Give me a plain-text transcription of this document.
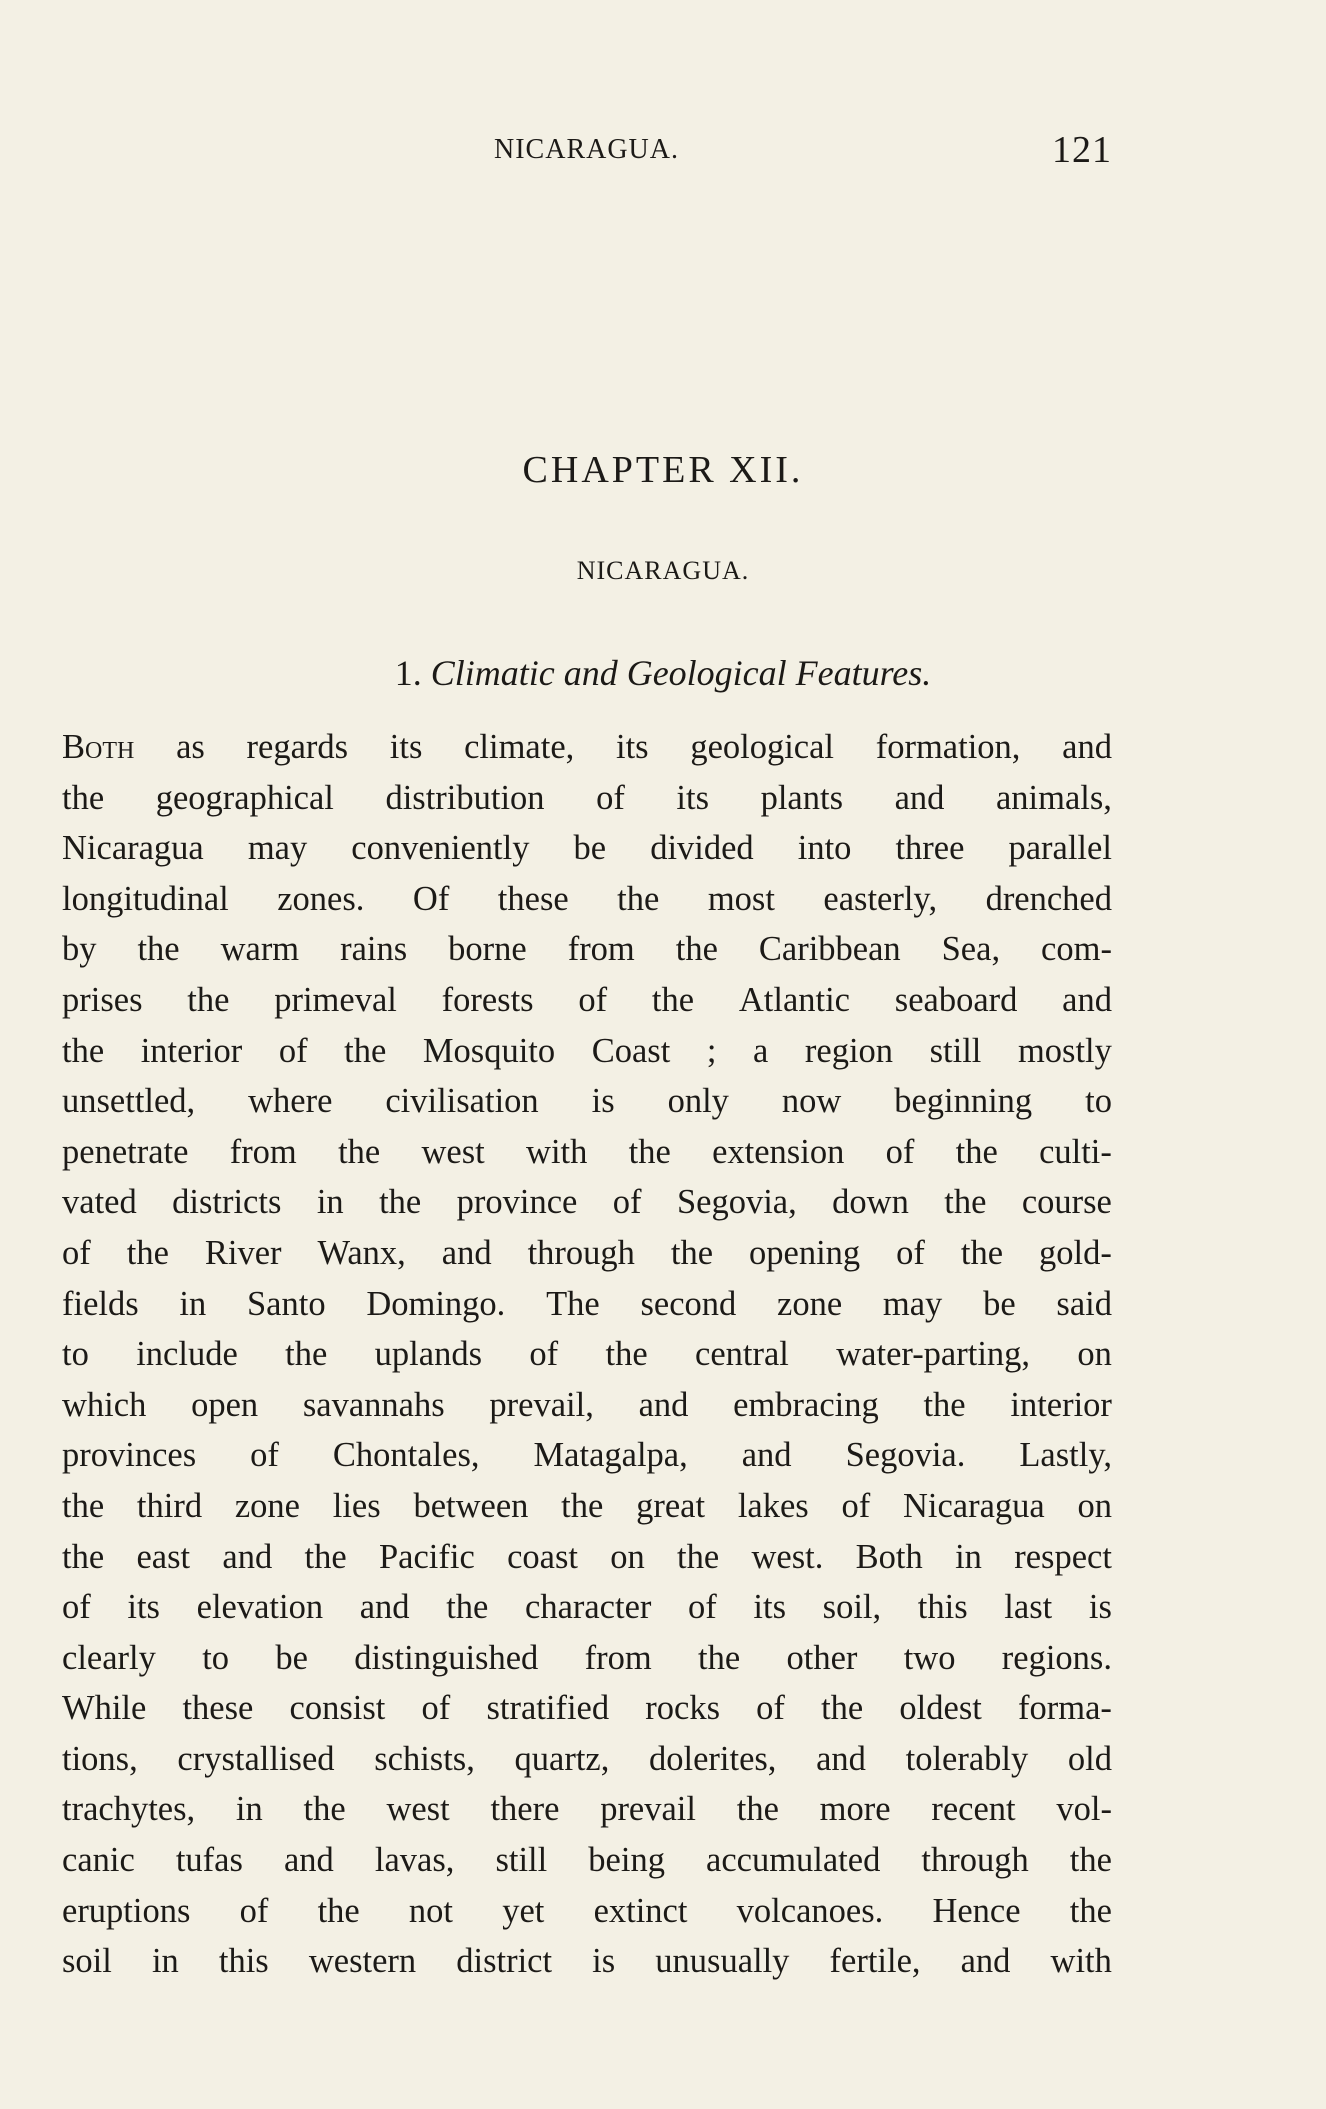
NICARAGUA.	121
CHAPTER XII.
NICARAGUA.
1. Climatic and Geological Features.
Both as regards its climate, its geological formation, and
the geographical distribution of its plants and animals,
Nicaragua may conveniently be divided into three parallel
longitudinal zones. Of these the most easterly, drenched
by the warm rains borne from the Caribbean Sea, com-
prises the primeval forests of the Atlantic seaboard and
the interior of the Mosquito Coast ; a region still mostly
unsettled, where civilisation is only now beginning to
penetrate from the west with the extension of the culti-
vated districts in the province of Segovia, down the course
of the River Wanx, and through the opening of the gold-
fields in Santo Domingo. The second zone may be said
to include the uplands of the central water-parting, on
which open savannahs prevail, and embracing the interior
provinces of Chontales, Matagalpa, and Segovia. Lastly,
the third zone lies between the great lakes of Nicaragua on
the east and the Pacific coast on the west. Both in respect
of its elevation and the character of its soil, this last is
clearly to be distinguished from the other two regions.
While these consist of stratified rocks of the oldest forma-
tions, crystallised schists, quartz, dolerites, and tolerably old
trachytes, in the west there prevail the more recent vol-
canic tufas and lavas, still being accumulated through the
eruptions of the not yet extinct volcanoes. Hence the
soil in this western district is unusually fertile, and with
